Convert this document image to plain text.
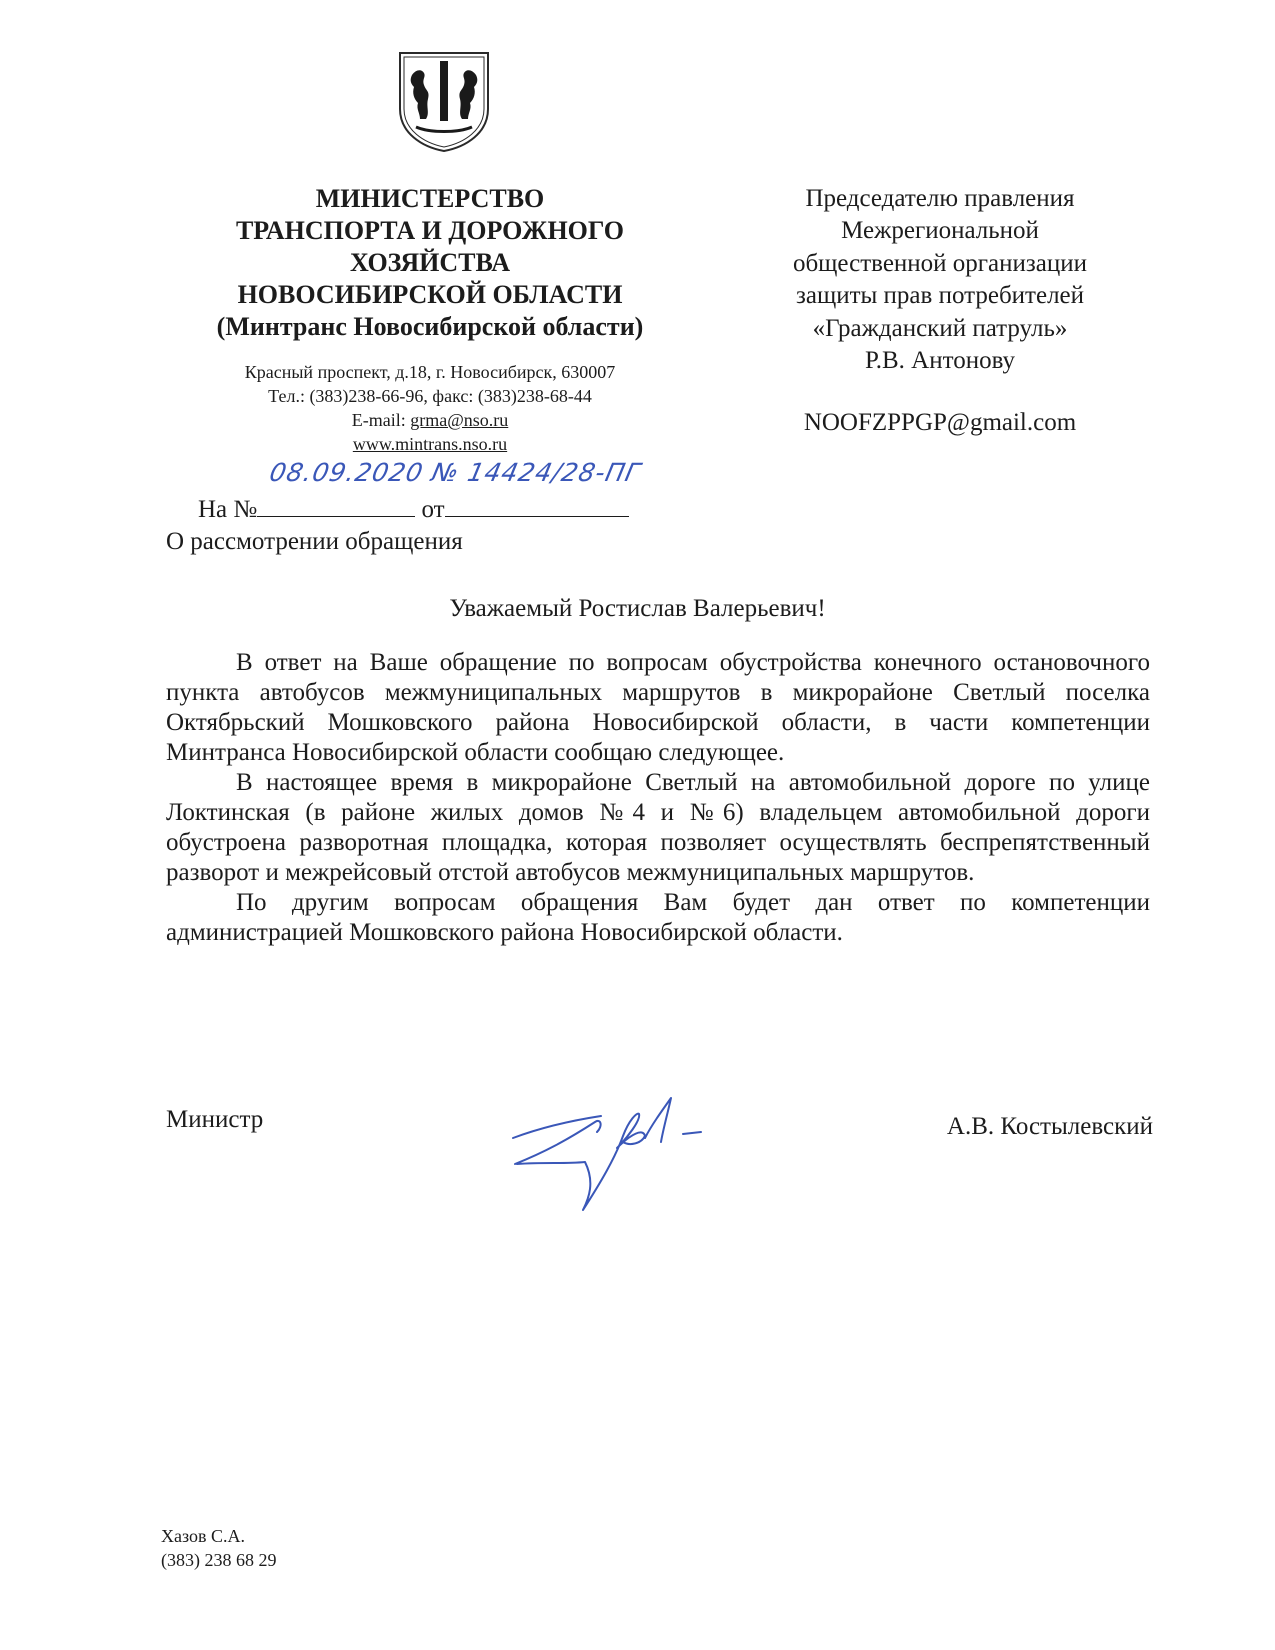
МИНИСТЕРСТВО
ТРАНСПОРТА И ДОРОЖНОГО
ХОЗЯЙСТВА
НОВОСИБИРСКОЙ ОБЛАСТИ
(Минтранс Новосибирской области)
Красный проспект, д.18, г. Новосибирск, 630007
Тел.: (383)238-66-96, факс: (383)238-68-44
E-mail: grma@nso.ru
www.mintrans.nso.ru
Председателю правления
Межрегиональной
общественной организации
защиты прав потребителей
«Гражданский патруль»
Р.В. Антонову
NOOFZPPGP@gmail.com
08.09.2020 № 14424/28-ПГ
На №	от
О рассмотрении обращения
Уважаемый Ростислав Валерьевич!

В ответ на Ваше обращение по вопросам обустройства конечного остановочного пункта автобусов межмуниципальных маршрутов в микрорайоне Светлый поселка Октябрьский Мошковского района Новосибирской области, в части компетенции Минтранса Новосибирской области сообщаю следующее.

В настоящее время в микрорайоне Светлый на автомобильной дороге по улице Локтинская (в районе жилых домов №4 и №6) владельцем автомобильной дороги обустроена разворотная площадка, которая позволяет осуществлять беспрепятственный разворот и межрейсовый отстой автобусов межмуниципальных маршрутов.

По другим вопросам обращения Вам будет дан ответ по компетенции администрацией Мошковского района Новосибирской области.

Министр	А.В. Костылевский
Хазов С.А.
(383) 238 68 29
